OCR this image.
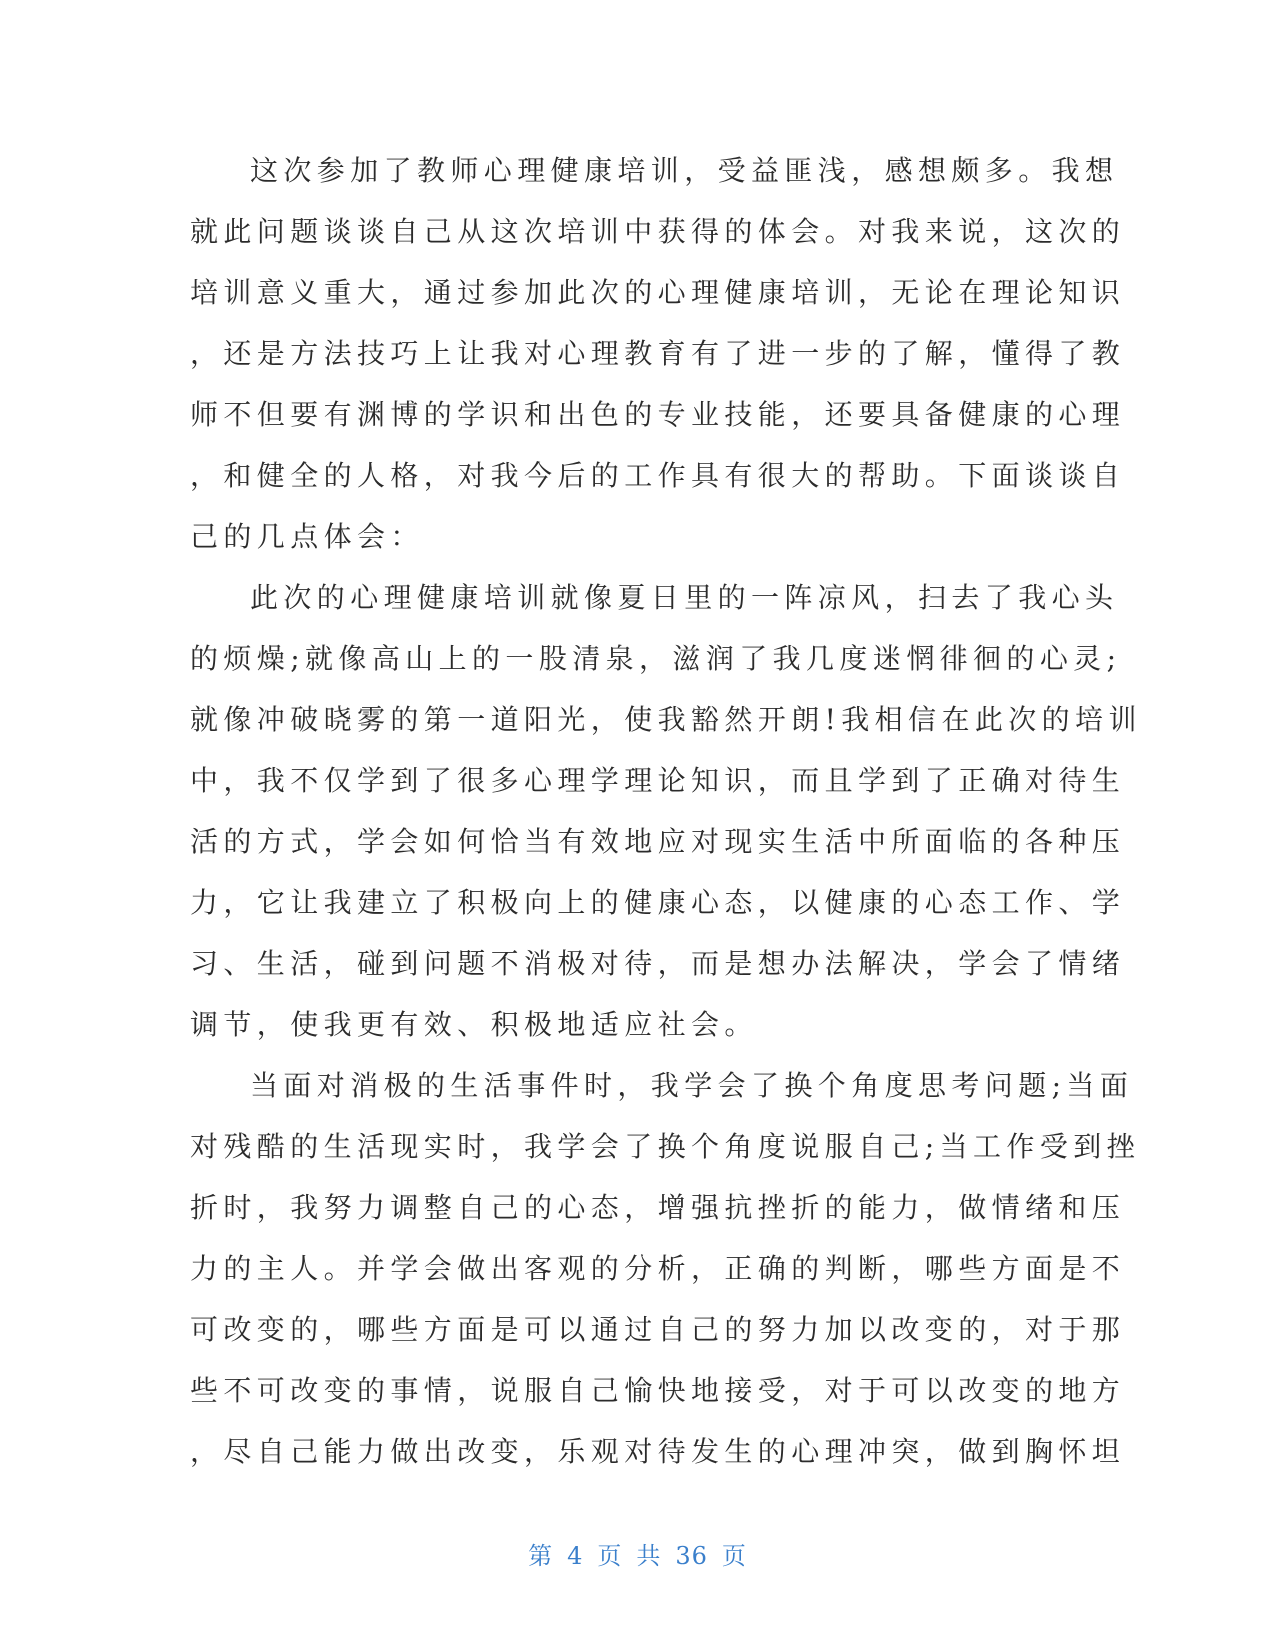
这次参加了教师心理健康培训，受益匪浅，感想颇多。我想
就此问题谈谈自己从这次培训中获得的体会。对我来说，这次的
培训意义重大，通过参加此次的心理健康培训，无论在理论知识
，还是方法技巧上让我对心理教育有了进一步的了解，懂得了教
师不但要有渊博的学识和出色的专业技能，还要具备健康的心理
，和健全的人格，对我今后的工作具有很大的帮助。下面谈谈自
己的几点体会：
此次的心理健康培训就像夏日里的一阵凉风，扫去了我心头
的烦燥;就像高山上的一股清泉，滋润了我几度迷惘徘徊的心灵;
就像冲破晓雾的第一道阳光，使我豁然开朗!我相信在此次的培训
中，我不仅学到了很多心理学理论知识，而且学到了正确对待生
活的方式，学会如何恰当有效地应对现实生活中所面临的各种压
力，它让我建立了积极向上的健康心态，以健康的心态工作、学
习、生活，碰到问题不消极对待，而是想办法解决，学会了情绪
调节，使我更有效、积极地适应社会。
当面对消极的生活事件时，我学会了换个角度思考问题;当面
对残酷的生活现实时，我学会了换个角度说服自己;当工作受到挫
折时，我努力调整自己的心态，增强抗挫折的能力，做情绪和压
力的主人。并学会做出客观的分析，正确的判断，哪些方面是不
可改变的，哪些方面是可以通过自己的努力加以改变的，对于那
些不可改变的事情，说服自己愉快地接受，对于可以改变的地方
，尽自己能力做出改变，乐观对待发生的心理冲突，做到胸怀坦
第 4 页 共 36 页
